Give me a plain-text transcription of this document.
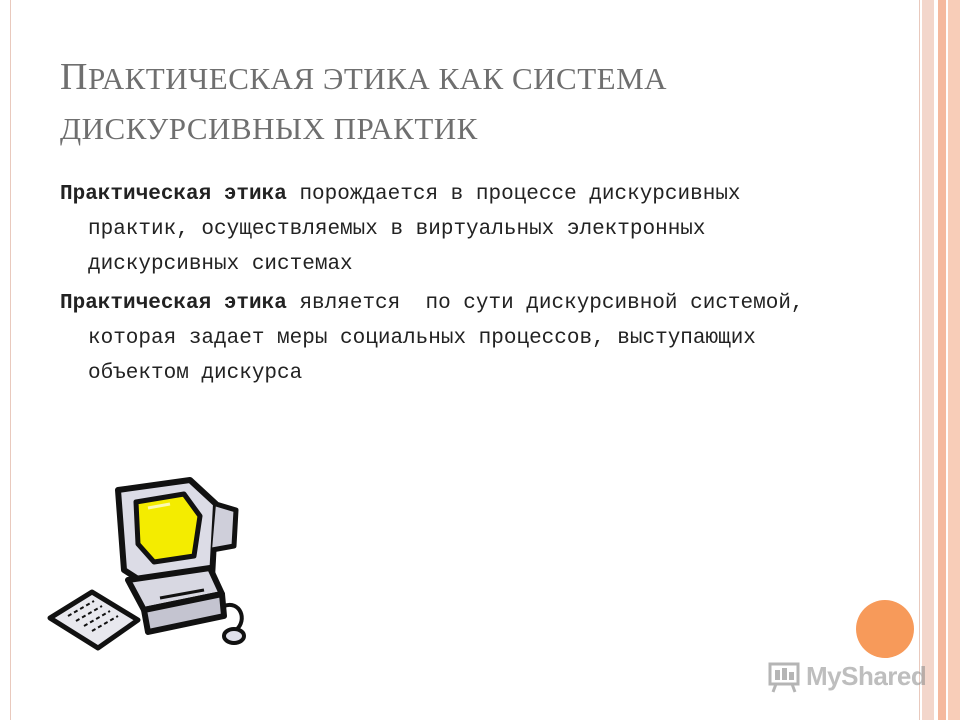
ПРАКТИЧЕСКАЯ ЭТИКА КАК СИСТЕМА
ДИСКУРСИВНЫХ ПРАКТИК

Практическая этика порождается в процессе дискурсивных практик, осуществляемых в виртуальных электронных дискурсивных системах

Практическая этика является  по сути дискурсивной системой, которая задает меры социальных процессов, выступающих объектом дискурса

MyShared
